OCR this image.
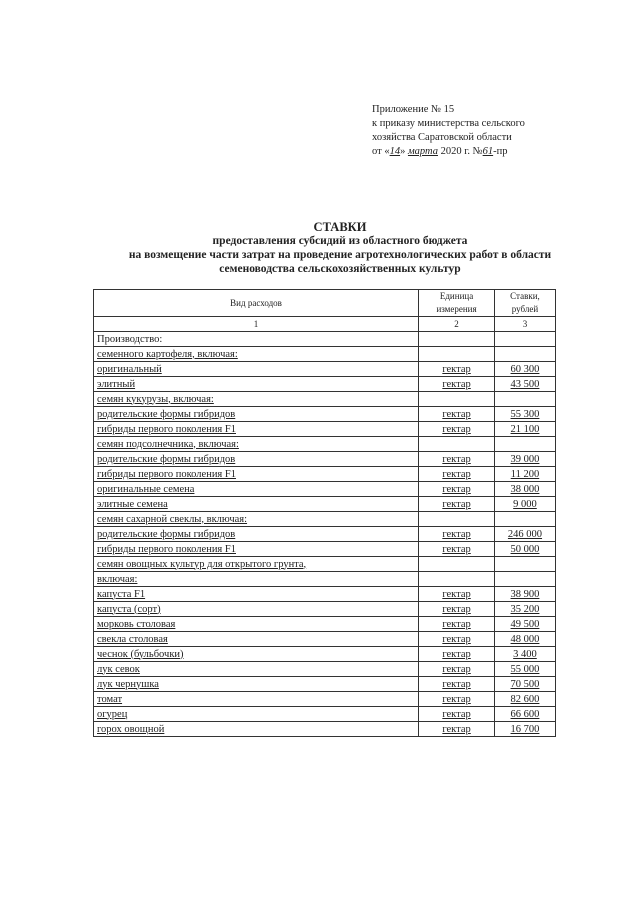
Приложение № 15
к приказу министерства сельского
хозяйства Саратовской области
от «14» марта 2020 г. №61-пр
СТАВКИ
предоставления субсидий из областного бюджета
на возмещение части затрат на проведение агротехнологических работ в области
семеноводства сельскохозяйственных культур
Вид расходов	Единица измерения	Ставки, рублей
1	2	3
Производство:		
семенного картофеля, включая:		
оригинальный	гектар	60 300
элитный	гектар	43 500
семян кукурузы, включая:		
родительские формы гибридов	гектар	55 300
гибриды первого поколения F1	гектар	21 100
семян подсолнечника, включая:		
родительские формы гибридов	гектар	39 000
гибриды первого поколения F1	гектар	11 200
оригинальные семена	гектар	38 000
элитные семена	гектар	9 000
семян сахарной свеклы, включая:		
родительские формы гибридов	гектар	246 000
гибриды первого поколения F1	гектар	50 000
семян овощных культур для открытого грунта,		
включая:		
капуста F1	гектар	38 900
капуста (сорт)	гектар	35 200
морковь столовая	гектар	49 500
свекла столовая	гектар	48 000
чеснок (бульбочки)	гектар	3 400
лук севок	гектар	55 000
лук чернушка	гектар	70 500
томат	гектар	82 600
огурец	гектар	66 600
горох овощной	гектар	16 700
